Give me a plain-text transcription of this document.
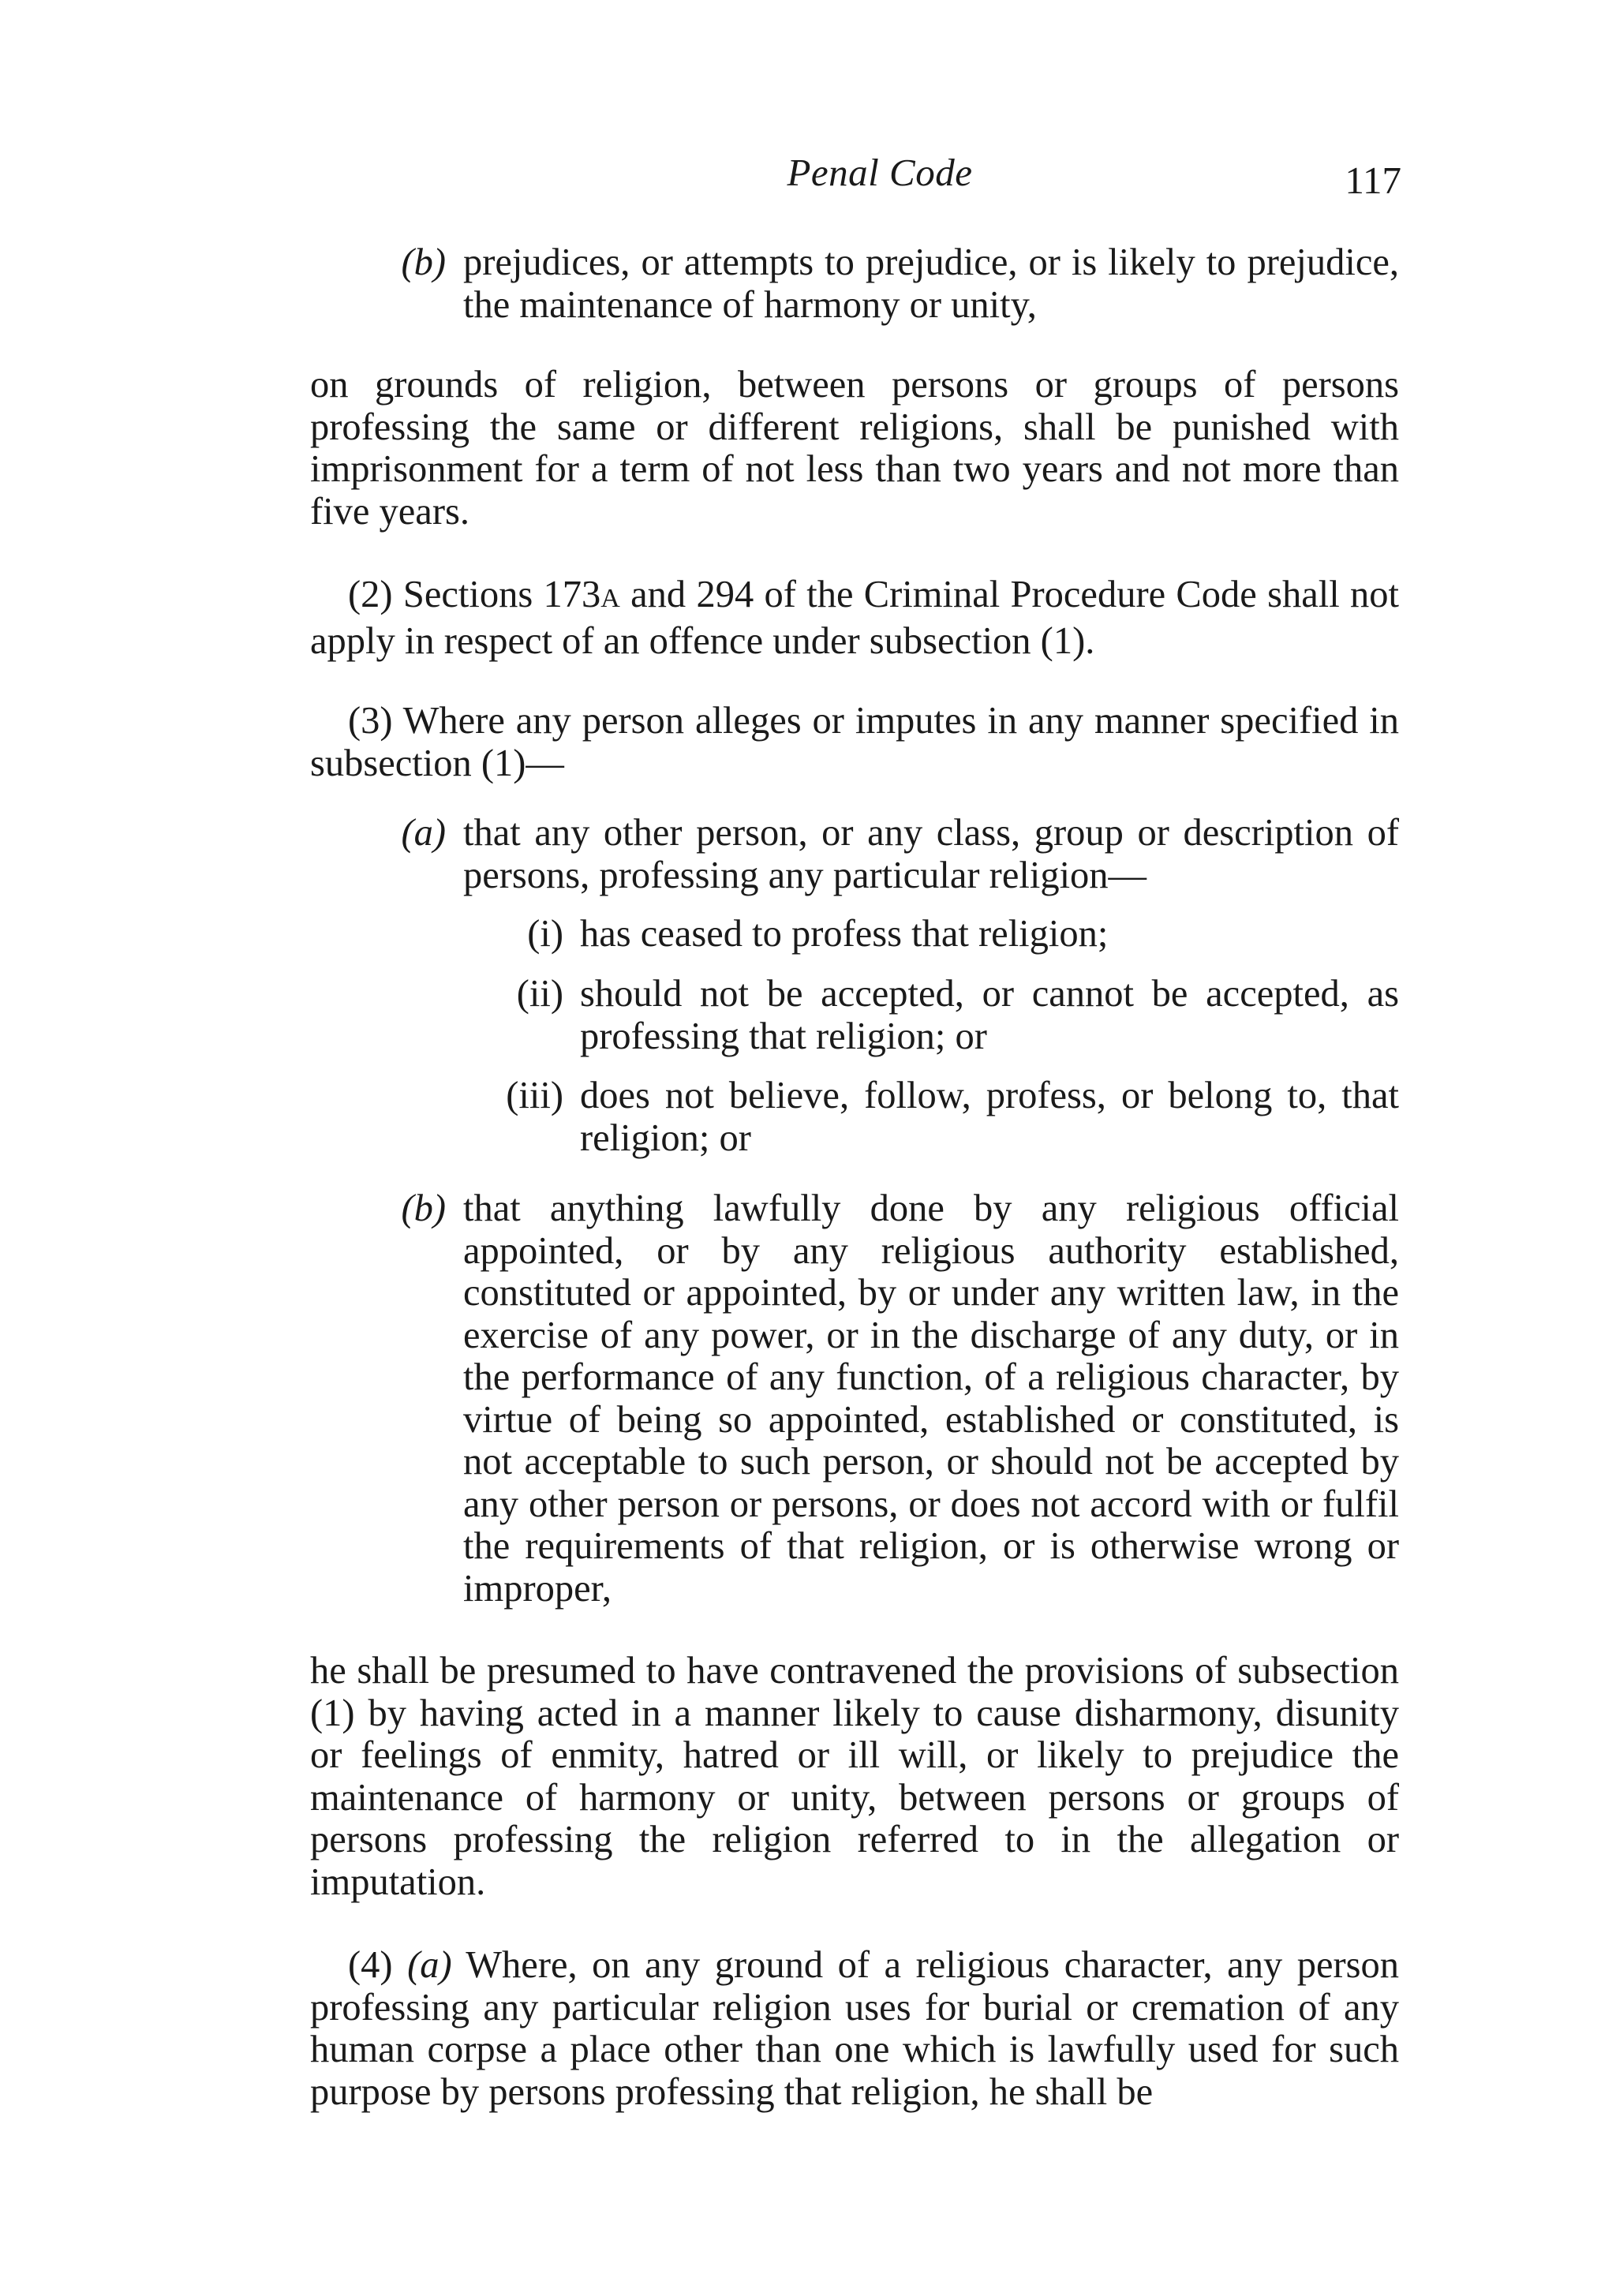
Penal Code	117
(b) prejudices, or attempts to prejudice, or is likely to prejudice, the maintenance of harmony or unity,
on grounds of religion, between persons or groups of persons professing the same or different religions, shall be punished with imprisonment for a term of not less than two years and not more than five years.
(2) Sections 173A and 294 of the Criminal Procedure Code shall not apply in respect of an offence under subsection (1).
(3) Where any person alleges or imputes in any manner specified in subsection (1)—
(a) that any other person, or any class, group or description of persons, professing any particular religion—
(i) has ceased to profess that religion;
(ii) should not be accepted, or cannot be accepted, as professing that religion; or
(iii) does not believe, follow, profess, or belong to, that religion; or
(b) that anything lawfully done by any religious official appointed, or by any religious authority established, constituted or appointed, by or under any written law, in the exercise of any power, or in the discharge of any duty, or in the performance of any function, of a religious character, by virtue of being so appointed, established or constituted, is not acceptable to such person, or should not be accepted by any other person or persons, or does not accord with or fulfil the requirements of that religion, or is otherwise wrong or improper,
he shall be presumed to have contravened the provisions of subsection (1) by having acted in a manner likely to cause disharmony, disunity or feelings of enmity, hatred or ill will, or likely to prejudice the maintenance of harmony or unity, between persons or groups of persons professing the religion referred to in the allegation or imputation.
(4) (a) Where, on any ground of a religious character, any person professing any particular religion uses for burial or cremation of any human corpse a place other than one which is lawfully used for such purpose by persons professing that religion, he shall be
